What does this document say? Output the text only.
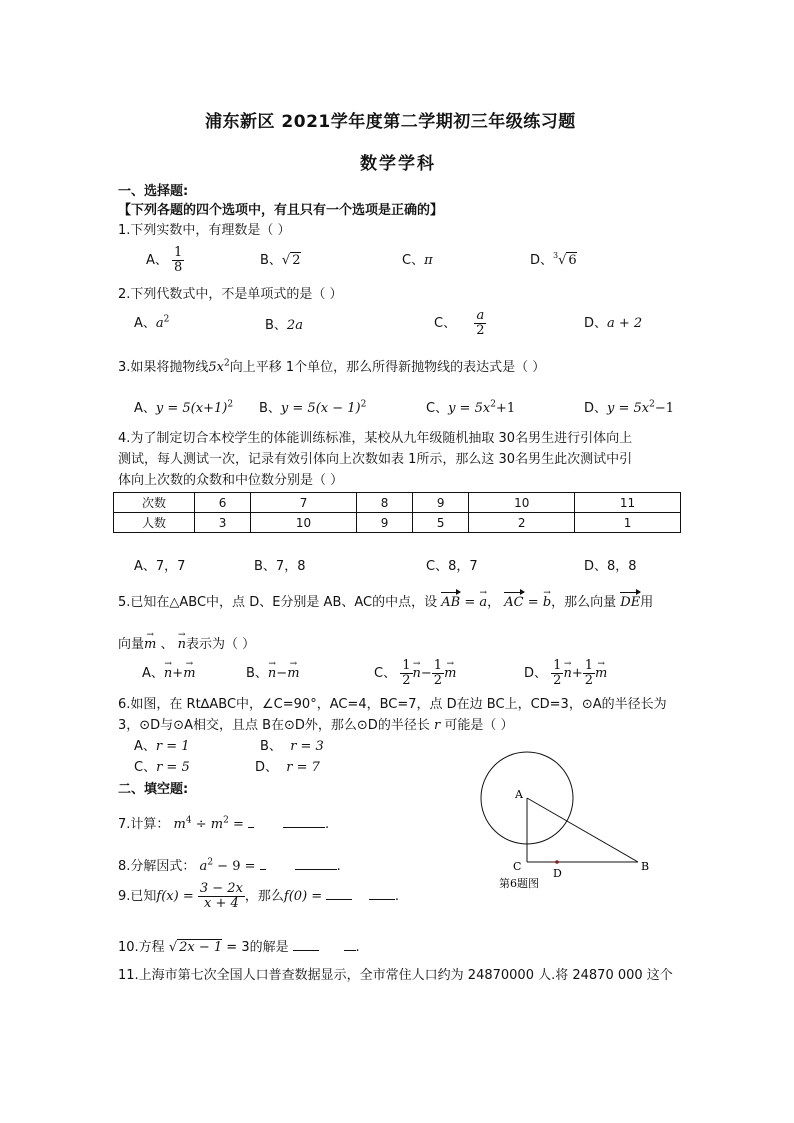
浦东新区 2021学年度第二学期初三年级练习题
数学学科
一、选择题:
【下列各题的四个选项中，有且只有一个选项是正确的】
1.下列实数中，有理数是（ ）
A、 $\frac{1}{8}$	B、√ 2	C、π	D、$^3$√ 6
2.下列代数式中，不是单项式的是（ ）
A、$a^2$	B、2a	C、 $\frac{a}{2}$	D、a + 2
3.如果将抛物线$5x^2$向上平移 1个单位，那么所得新抛物线的表达式是（ ）
A、$y = 5(x+1)^2$ B、$y = 5(x - 1)^2$	C、$y = 5x^2+1$	D、$y = 5x^2-1$
4.为了制定切合本校学生的体能训练标准，某校从九年级随机抽取 30名男生进行引体向上
测试，每人测试一次，记录有效引体向上次数如表 1所示，那么这 30名男生此次测试中引
体向上次数的众数和中位数分别是（ ）
次数	6	7	8	9	10	11
人数	3	10	9	5	2	1
A、7，7	B、7，8	C、8，7	D、8，8
5.已知在△ABC中，点 D、E分别是 AB、AC的中点，设 AB = → a， AC = → b，那么向量 DE用
向量→ m 、 → n表示为（ ）
A、→ n+→ m	B、→ n−→ m	C、 $\frac{1}{2} \to n- \frac{1}{2} \to m$	D、 $\frac{1}{2} \to n+ \frac{1}{2} \to m$
6.如图，在 Rt∆ABC中，∠C=90°，AC=4，BC=7，点 D在边 BC上，CD=3，⊙A的半径长为
3，⊙D与⊙A相交，且点 B在⊙D外，那么⊙D的半径长 r 可能是（ ）
A、r = 1	B、 r = 3
C、r = 5	D、 r = 7
A
B
C
D
第6题图
二、填空题:
7.计算： $m^4 \div m^2$ =	.
8.分解因式： $a^2 - 9$ =	.
9.已知$f(x) = \frac{3 - 2x}{x + 4}$ ，那么f(0) =	.
10.方程 √ 2x − 1 = 3的解是	.
11.上海市第七次全国人口普查数据显示，全市常住人口约为 24870000 人.将 24870 000 这个
